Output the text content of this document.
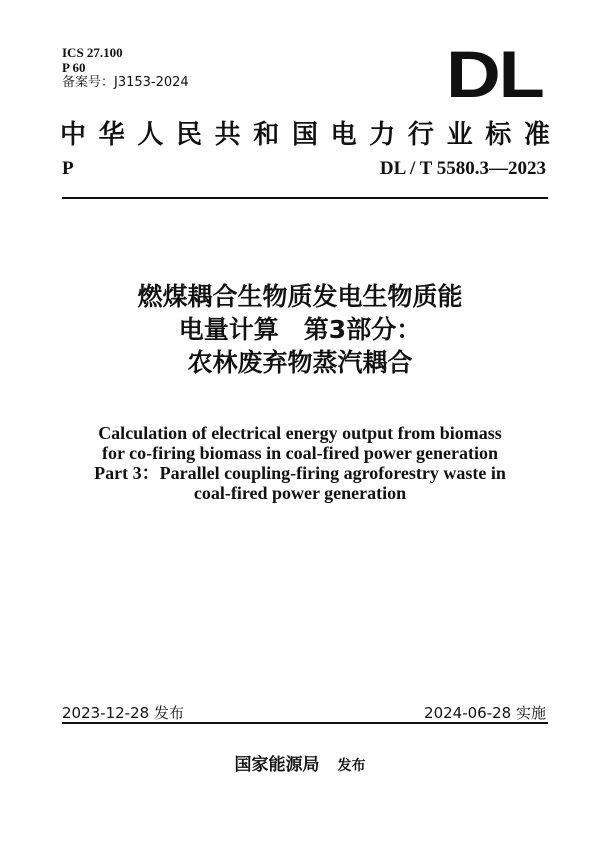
ICS 27.100
P 60
备案号：J3153-2024	DL
中 华 人 民 共 和 国 电 力 行 业 标 准
P	DL / T 5580.3—2023
燃煤耦合生物质发电生物质能
电量计算　第3部分：
农林废弃物蒸汽耦合
Calculation of electrical energy output from biomass
for co-firing biomass in coal-fired power generation
Part 3：Parallel coupling-firing agroforestry waste in
coal-fired power generation
2023-12-28 发布	2024-06-28 实施
国家能源局 发布
